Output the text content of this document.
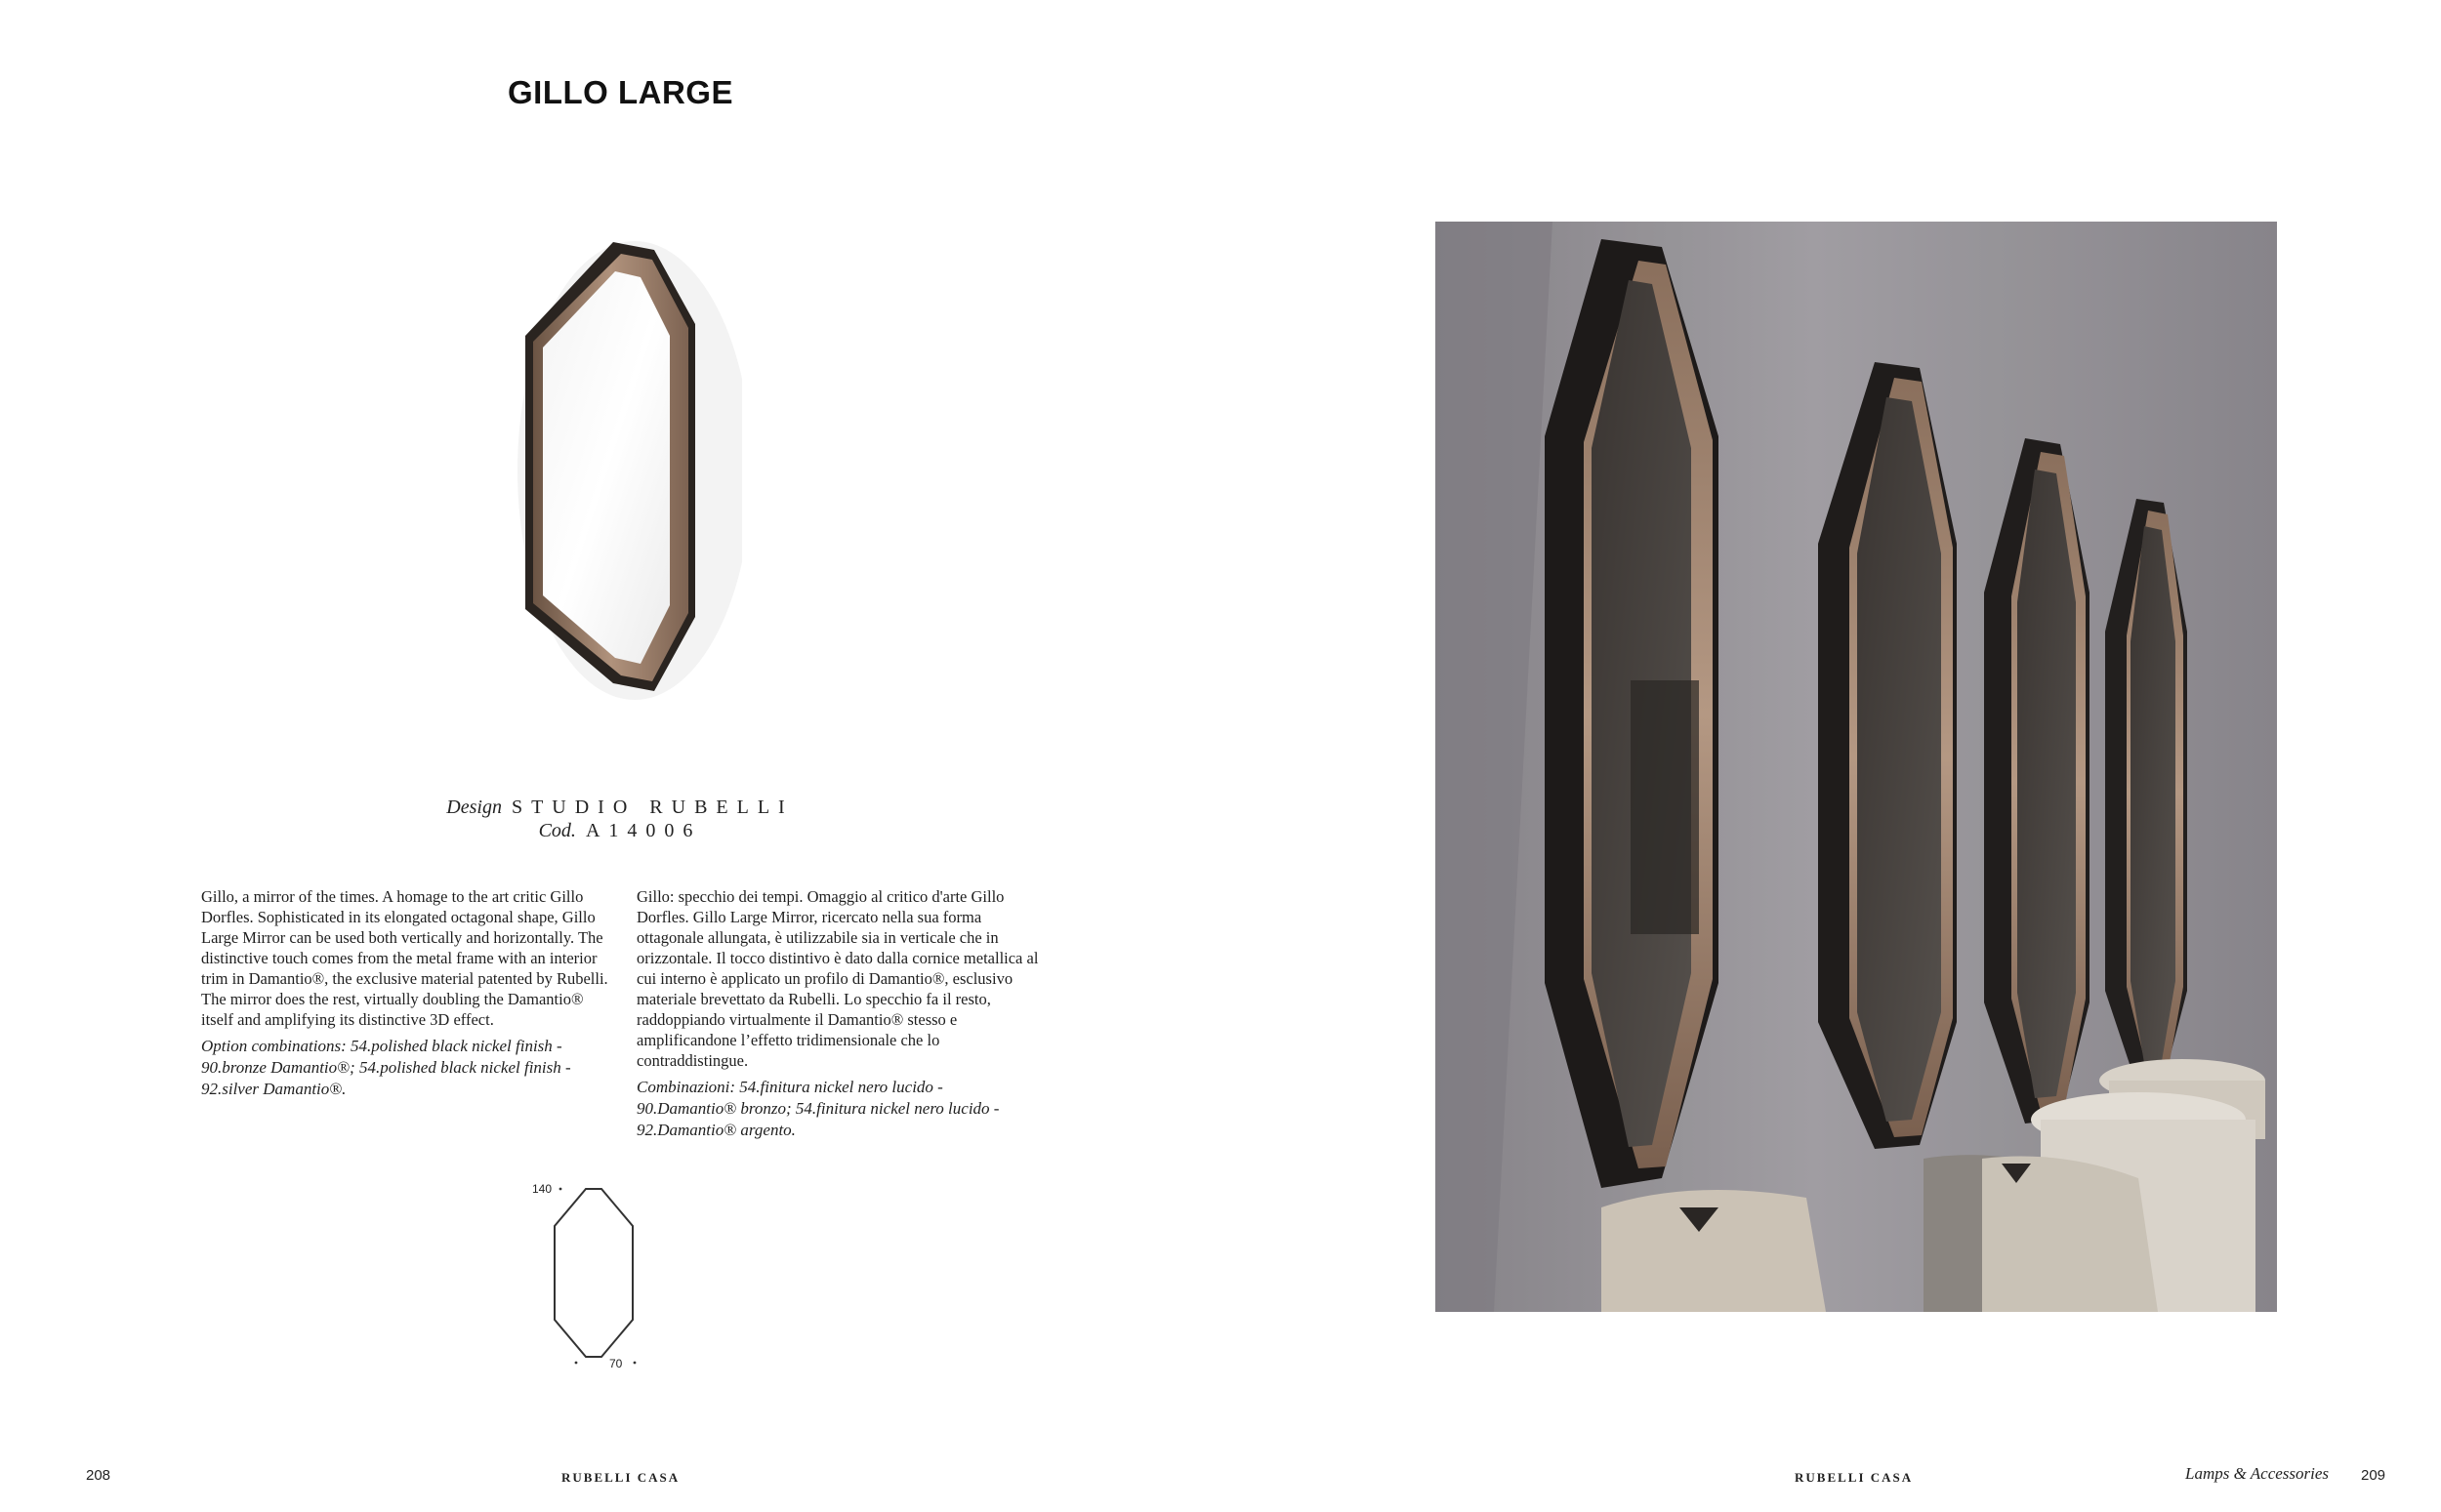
GILLO LARGE
Design STUDIO RUBELLI
Cod. A14006

Gillo, a mirror of the times. A homage to the art critic Gillo Dorfles. Sophisticated in its elongated octagonal shape, Gillo Large Mirror can be used both vertically and horizontally. The distinctive touch comes from the metal frame with an interior trim in Damantio®, the exclusive material patented by Rubelli. The mirror does the rest, virtually doubling the Damantio® itself and amplifying its distinctive 3D effect.

Option combinations: 54.polished black nickel finish - 90.bronze Damantio®; 54.polished black nickel finish - 92.silver Damantio®.

Gillo: specchio dei tempi. Omaggio al critico d'arte Gillo Dorfles. Gillo Large Mirror, ricercato nella sua forma ottagonale allungata, è utilizzabile sia in verticale che in orizzontale. Il tocco distintivo è dato dalla cornice metallica al cui interno è applicato un profilo di Damantio®, esclusivo materiale brevettato da Rubelli. Lo specchio fa il resto, raddoppiando virtualmente il Damantio® stesso e amplificandone l’effetto tridimensionale che lo contraddistingue.

Combinazioni: 54.finitura nickel nero lucido - 90.Damantio® bronzo; 54.finitura nickel nero lucido - 92.Damantio® argento.

140
70
208	RUBELLI CASA	RUBELLI CASA	Lamps & Accessories 209
